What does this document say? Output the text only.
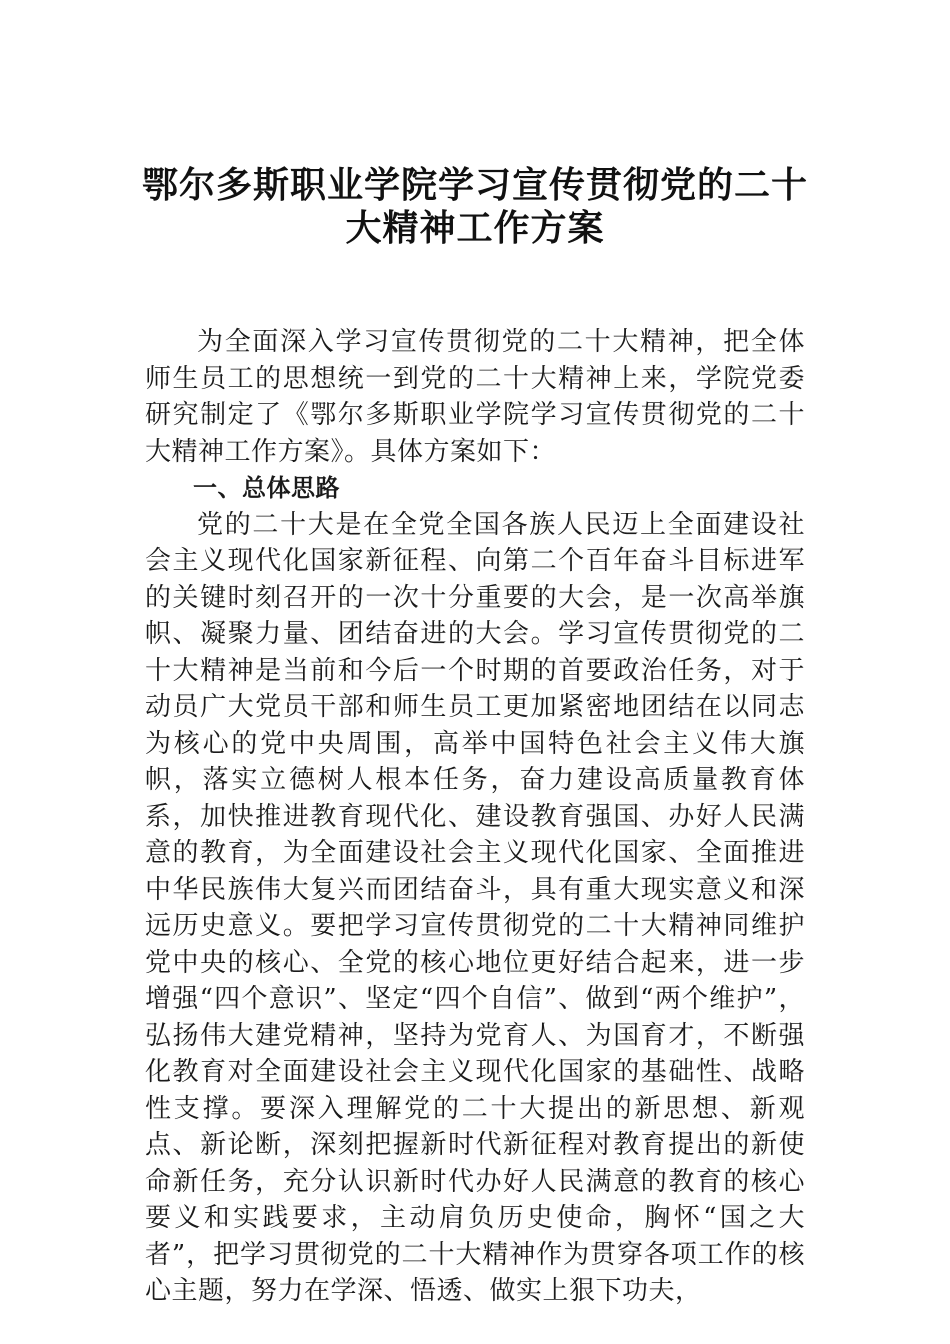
鄂尔多斯职业学院学习宣传贯彻党的二十
大精神工作方案

为全面深入学习宣传贯彻党的二十大精神，把全体师生员工的思想统一到党的二十大精神上来，学院党委研究制定了《鄂尔多斯职业学院学习宣传贯彻党的二十大精神工作方案》。具体方案如下：

一、总体思路

党的二十大是在全党全国各族人民迈上全面建设社会主义现代化国家新征程、向第二个百年奋斗目标进军的关键时刻召开的一次十分重要的大会，是一次高举旗帜、凝聚力量、团结奋进的大会。学习宣传贯彻党的二十大精神是当前和今后一个时期的首要政治任务，对于动员广大党员干部和师生员工更加紧密地团结在以同志为核心的党中央周围，高举中国特色社会主义伟大旗帜，落实立德树人根本任务，奋力建设高质量教育体系，加快推进教育现代化、建设教育强国、办好人民满意的教育，为全面建设社会主义现代化国家、全面推进中华民族伟大复兴而团结奋斗，具有重大现实意义和深远历史意义。要把学习宣传贯彻党的二十大精神同维护党中央的核心、全党的核心地位更好结合起来，进一步增强“四个意识”、坚定“四个自信”、做到“两个维护”，弘扬伟大建党精神，坚持为党育人、为国育才，不断强化教育对全面建设社会主义现代化国家的基础性、战略性支撑。要深入理解党的二十大提出的新思想、新观点、新论断，深刻把握新时代新征程对教育提出的新使命新任务，充分认识新时代办好人民满意的教育的核心要义和实践要求，主动肩负历史使命，胸怀“国之大者”，把学习贯彻党的二十大精神作为贯穿各项工作的核心主题，努力在学深、悟透、做实上狠下功夫，
